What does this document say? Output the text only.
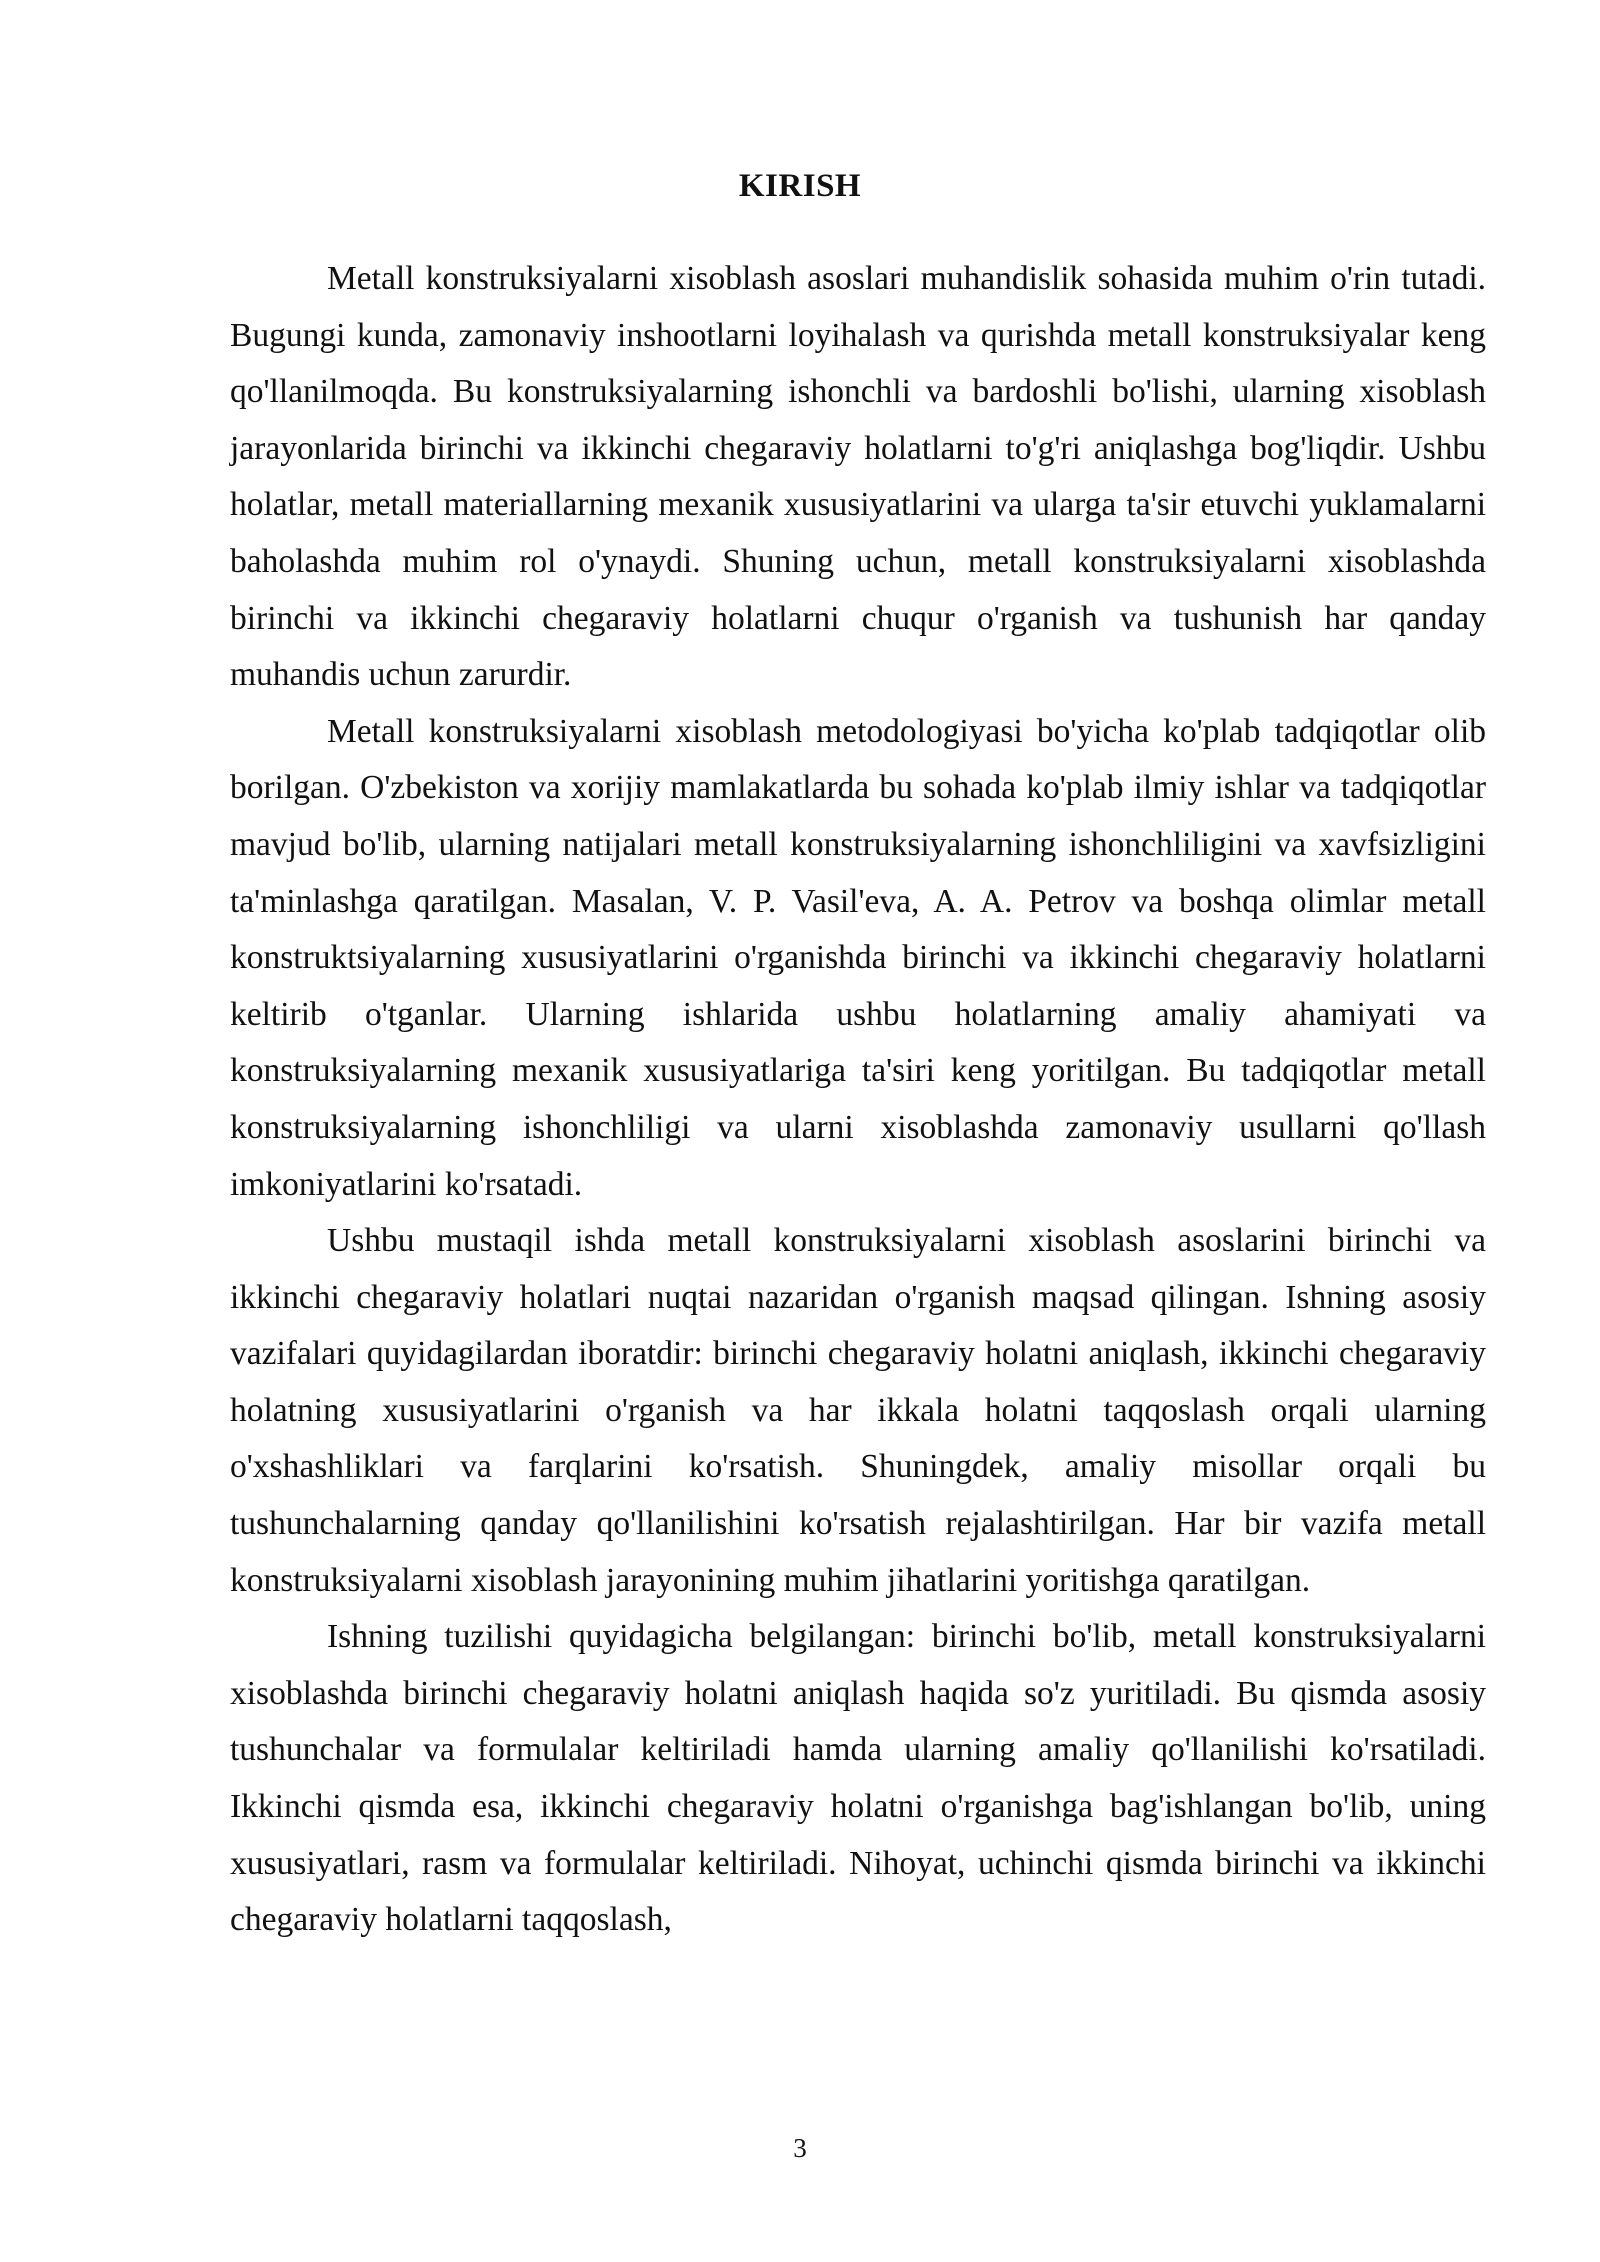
KIRISH

Metall konstruksiyalarni xisoblash asoslari muhandislik sohasida muhim o'rin tutadi. Bugungi kunda, zamonaviy inshootlarni loyihalash va qurishda metall konstruksiyalar keng qo'llanilmoqda. Bu konstruksiyalarning ishonchli va bardoshli bo'lishi, ularning xisoblash jarayonlarida birinchi va ikkinchi chegaraviy holatlarni to'g'ri aniqlashga bog'liqdir. Ushbu holatlar, metall materiallarning mexanik xususiyatlarini va ularga ta'sir etuvchi yuklamalarni baholashda muhim rol o'ynaydi. Shuning uchun, metall konstruksiyalarni xisoblashda birinchi va ikkinchi chegaraviy holatlarni chuqur o'rganish va tushunish har qanday muhandis uchun zarurdir.

Metall konstruksiyalarni xisoblash metodologiyasi bo'yicha ko'plab tadqiqotlar olib borilgan. O'zbekiston va xorijiy mamlakatlarda bu sohada ko'plab ilmiy ishlar va tadqiqotlar mavjud bo'lib, ularning natijalari metall konstruksiyalarning ishonchliligini va xavfsizligini ta'minlashga qaratilgan. Masalan, V. P. Vasil'eva, A. A. Petrov va boshqa olimlar metall konstruktsiyalarning xususiyatlarini o'rganishda birinchi va ikkinchi chegaraviy holatlarni keltirib o'tganlar. Ularning ishlarida ushbu holatlarning amaliy ahamiyati va konstruksiyalarning mexanik xususiyatlariga ta'siri keng yoritilgan. Bu tadqiqotlar metall konstruksiyalarning ishonchliligi va ularni xisoblashda zamonaviy usullarni qo'llash imkoniyatlarini ko'rsatadi.

Ushbu mustaqil ishda metall konstruksiyalarni xisoblash asoslarini birinchi va ikkinchi chegaraviy holatlari nuqtai nazaridan o'rganish maqsad qilingan. Ishning asosiy vazifalari quyidagilardan iboratdir: birinchi chegaraviy holatni aniqlash, ikkinchi chegaraviy holatning xususiyatlarini o'rganish va har ikkala holatni taqqoslash orqali ularning o'xshashliklari va farqlarini ko'rsatish. Shuningdek, amaliy misollar orqali bu tushunchalarning qanday qo'llanilishini ko'rsatish rejalashtirilgan. Har bir vazifa metall konstruksiyalarni xisoblash jarayonining muhim jihatlarini yoritishga qaratilgan.

Ishning tuzilishi quyidagicha belgilangan: birinchi bo'lib, metall konstruksiyalarni xisoblashda birinchi chegaraviy holatni aniqlash haqida so'z yuritiladi. Bu qismda asosiy tushunchalar va formulalar keltiriladi hamda ularning amaliy qo'llanilishi ko'rsatiladi. Ikkinchi qismda esa, ikkinchi chegaraviy holatni o'rganishga bag'ishlangan bo'lib, uning xususiyatlari, rasm va formulalar keltiriladi. Nihoyat, uchinchi qismda birinchi va ikkinchi chegaraviy holatlarni taqqoslash,

3
